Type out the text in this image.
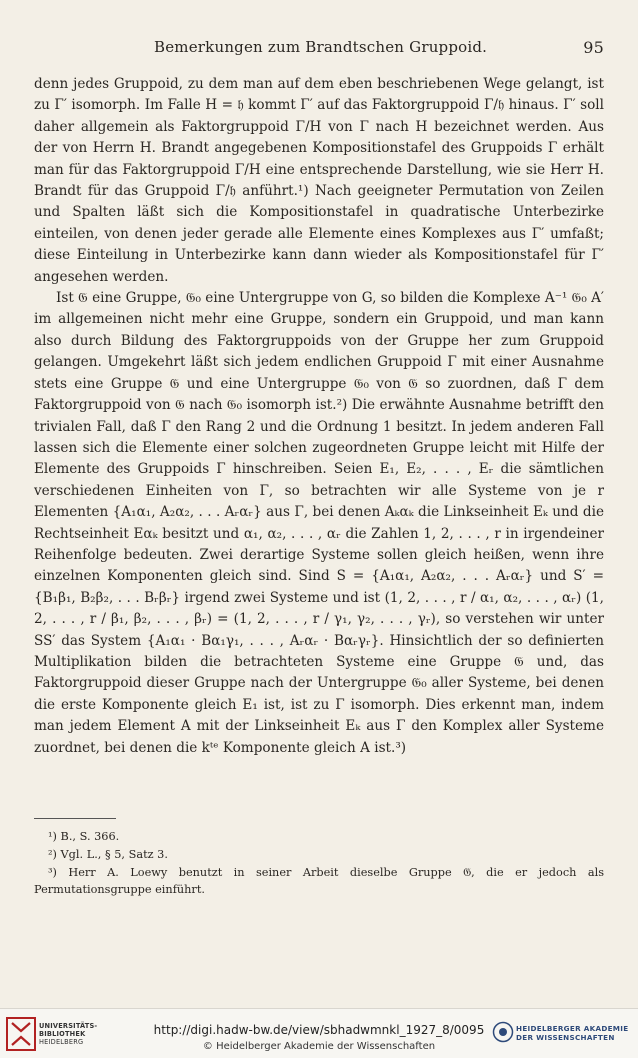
Bemerkungen zum Brandtschen Gruppoid.	95

denn jedes Gruppoid, zu dem man auf dem eben beschriebenen Wege gelangt, ist zu Γ′ isomorph. Im Falle H = 𝔥 kommt Γ′ auf das Faktorgruppoid Γ/𝔥 hinaus. Γ′ soll daher allgemein als Faktorgruppoid Γ/H von Γ nach H bezeichnet werden. Aus der von Herrn H. Brandt angegebenen Kompositionstafel des Gruppoids Γ erhält man für das Faktorgruppoid Γ/H eine entsprechende Darstellung, wie sie Herr H. Brandt für das Gruppoid Γ/𝔥 anführt.¹) Nach geeigneter Permutation von Zeilen und Spalten läßt sich die Kompositionstafel in quadratische Unterbezirke einteilen, von denen jeder gerade alle Elemente eines Komplexes aus Γ′ umfaßt; diese Einteilung in Unterbezirke kann dann wieder als Kompositionstafel für Γ′ angesehen werden.

Ist 𝔊 eine Gruppe, 𝔊₀ eine Untergruppe von G, so bilden die Komplexe A⁻¹ 𝔊₀ A′ im allgemeinen nicht mehr eine Gruppe, sondern ein Gruppoid, und man kann also durch Bildung des Faktorgruppoids von der Gruppe her zum Gruppoid gelangen. Umgekehrt läßt sich jedem endlichen Gruppoid Γ mit einer Ausnahme stets eine Gruppe 𝔊 und eine Untergruppe 𝔊₀ von 𝔊 so zuordnen, daß Γ dem Faktorgruppoid von 𝔊 nach 𝔊₀ isomorph ist.²) Die erwähnte Ausnahme betrifft den trivialen Fall, daß Γ den Rang 2 und die Ordnung 1 besitzt. In jedem anderen Fall lassen sich die Elemente einer solchen zugeordneten Gruppe leicht mit Hilfe der Elemente des Gruppoids Γ hinschreiben. Seien E₁, E₂, . . . , Eᵣ die sämtlichen verschiedenen Einheiten von Γ, so betrachten wir alle Systeme von je r Elementen {A₁α₁, A₂α₂, . . . Aᵣαᵣ} aus Γ, bei denen Aₖαₖ die Linkseinheit Eₖ und die Rechtseinheit Eαₖ besitzt und α₁, α₂, . . . , αᵣ die Zahlen 1, 2, . . . , r in irgendeiner Reihenfolge bedeuten. Zwei derartige Systeme sollen gleich heißen, wenn ihre einzelnen Komponenten gleich sind. Sind S = {A₁α₁, A₂α₂, . . . Aᵣαᵣ} und S′ = {B₁β₁, B₂β₂, . . . Bᵣβᵣ} irgend zwei Systeme und ist (1, 2, . . . , r / α₁, α₂, . . . , αᵣ) (1, 2, . . . , r / β₁, β₂, . . . , βᵣ) = (1, 2, . . . , r / γ₁, γ₂, . . . , γᵣ), so verstehen wir unter SS′ das System {A₁α₁ · Bα₁γ₁, . . . , Aᵣαᵣ · Bαᵣγᵣ}. Hinsichtlich der so definierten Multiplikation bilden die betrachteten Systeme eine Gruppe 𝔊 und, das Faktorgruppoid dieser Gruppe nach der Untergruppe 𝔊₀ aller Systeme, bei denen die erste Komponente gleich E₁ ist, ist zu Γ isomorph. Dies erkennt man, indem man jedem Element A mit der Linkseinheit Eₖ aus Γ den Komplex aller Systeme zuordnet, bei denen die kᵗᵉ Komponente gleich A ist.³)

¹) B., S. 366.
²) Vgl. L., § 5, Satz 3.
³) Herr A. Loewy benutzt in seiner Arbeit dieselbe Gruppe 𝔊, die er jedoch als Permutationsgruppe einführt.
UNIVERSITÄTS-
BIBLIOTHEK
HEIDELBERG
http://digi.hadw-bw.de/view/sbhadwmnkl_1927_8/0095
© Heidelberger Akademie der Wissenschaften
HEIDELBERGER AKADEMIE
DER WISSENSCHAFTEN
